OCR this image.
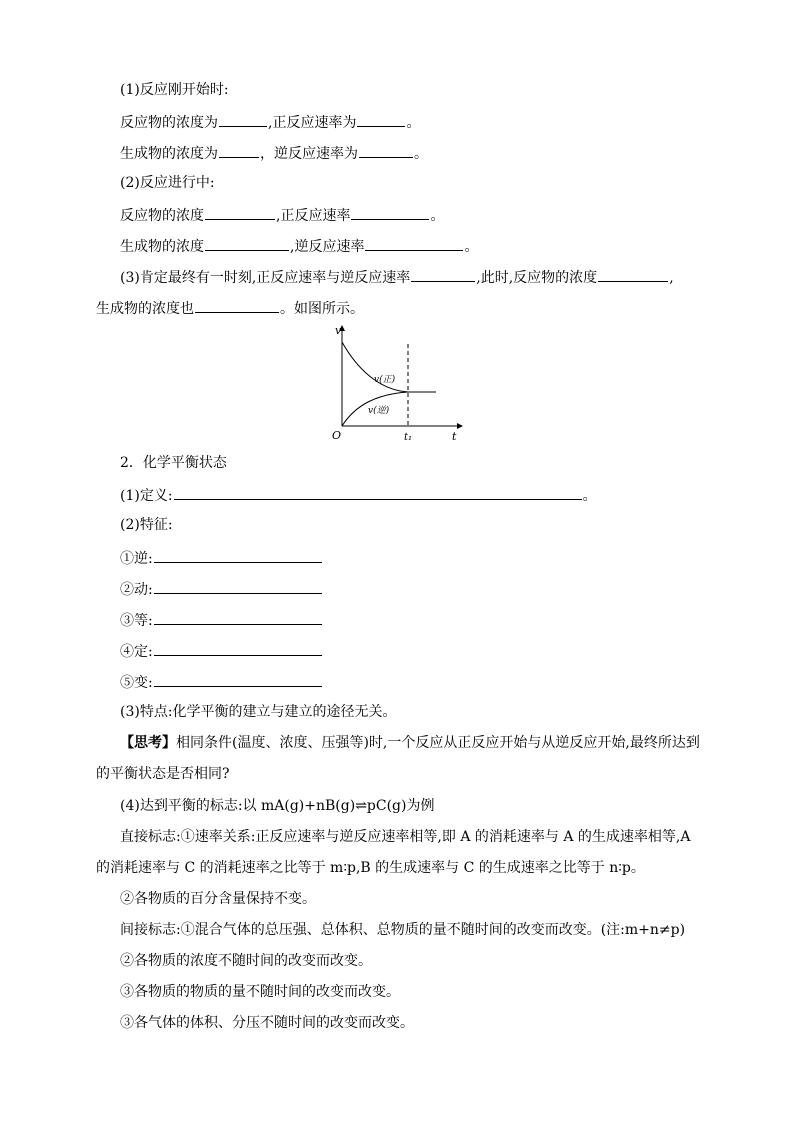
(1)反应刚开始时:
反应物的浓度为	,正反应速率为	。
生成物的浓度为	，逆反应速率为	。
(2)反应进行中:
反应物的浓度	,正反应速率	。
生成物的浓度	,逆反应速率	。
(3)肯定最终有一时刻,正反应速率与逆反应速率	,此时,反应物的浓度	,
生成物的浓度也	。如图所示。
v
t
O	t₁
v(正)
v(逆)
2．化学平衡状态
(1)定义:	。
(2)特征:
①逆:
②动:
③等:
④定:
⑤变:
(3)特点:化学平衡的建立与建立的途径无关。
【思考】相同条件(温度、浓度、压强等)时,一个反应从正反应开始与从逆反应开始,最终所达到
的平衡状态是否相同?
(4)达到平衡的标志:以 mA(g)+nB(g)⇌pC(g)为例
直接标志:①速率关系:正反应速率与逆反应速率相等,即 A 的消耗速率与 A 的生成速率相等,A
的消耗速率与 C 的消耗速率之比等于 m∶p,B 的生成速率与 C 的生成速率之比等于 n∶p。
②各物质的百分含量保持不变。
间接标志:①混合气体的总压强、总体积、总物质的量不随时间的改变而改变。(注:m+n≠p)
②各物质的浓度不随时间的改变而改变。
③各物质的物质的量不随时间的改变而改变。
③各气体的体积、分压不随时间的改变而改变。
